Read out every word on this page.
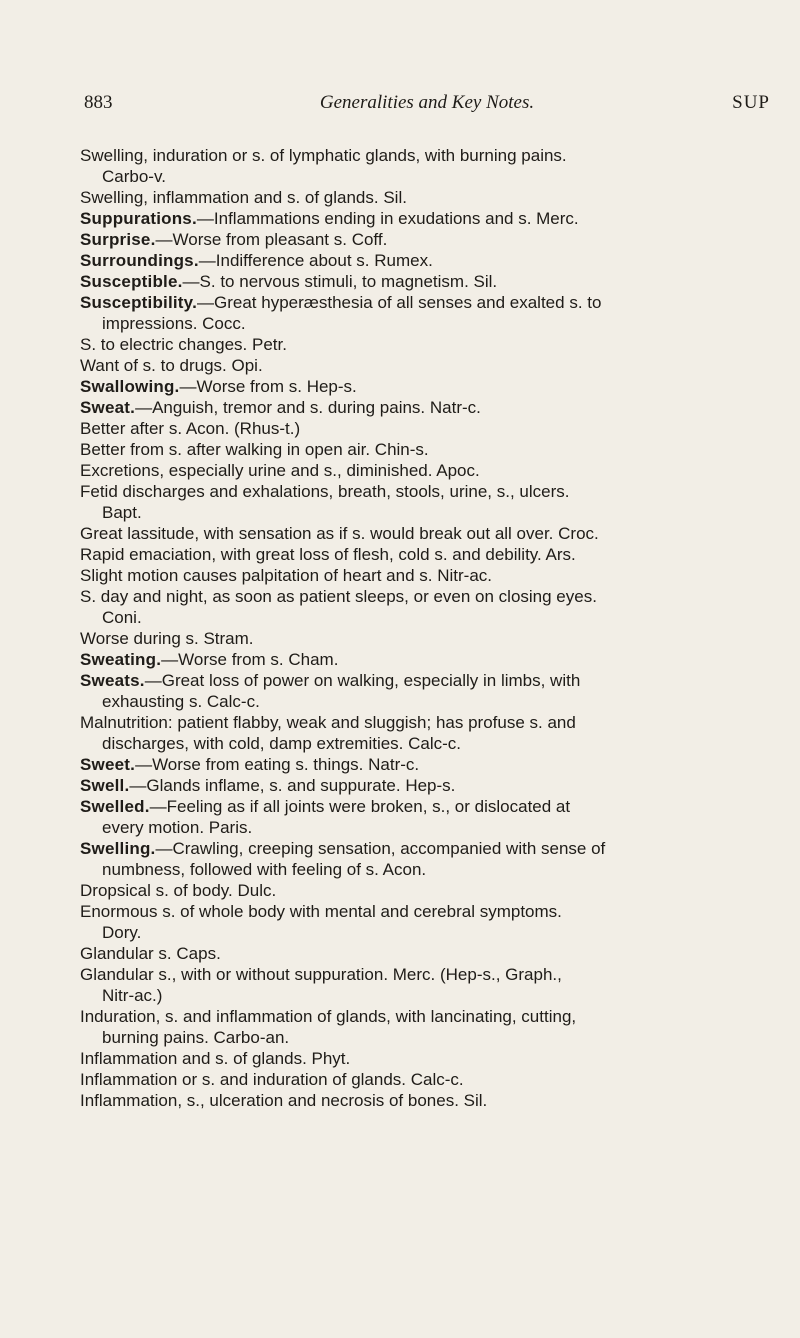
883	Generalities and Key Notes.	SUP
Swelling, induration or s. of lymphatic glands, with burning pains.
Carbo-v.
Swelling, inflammation and s. of glands. Sil.
Suppurations.—Inflammations ending in exudations and s. Merc.
Surprise.—Worse from pleasant s. Coff.
Surroundings.—Indifference about s. Rumex.
Susceptible.—S. to nervous stimuli, to magnetism. Sil.
Susceptibility.—Great hyperæsthesia of all senses and exalted s. to
impressions. Cocc.
S. to electric changes. Petr.
Want of s. to drugs. Opi.
Swallowing.—Worse from s. Hep-s.
Sweat.—Anguish, tremor and s. during pains. Natr-c.
Better after s. Acon. (Rhus-t.)
Better from s. after walking in open air. Chin-s.
Excretions, especially urine and s., diminished. Apoc.
Fetid discharges and exhalations, breath, stools, urine, s., ulcers.
Bapt.
Great lassitude, with sensation as if s. would break out all over. Croc.
Rapid emaciation, with great loss of flesh, cold s. and debility. Ars.
Slight motion causes palpitation of heart and s. Nitr-ac.
S. day and night, as soon as patient sleeps, or even on closing eyes.
Coni.
Worse during s. Stram.
Sweating.—Worse from s. Cham.
Sweats.—Great loss of power on walking, especially in limbs, with
exhausting s. Calc-c.
Malnutrition: patient flabby, weak and sluggish; has profuse s. and
discharges, with cold, damp extremities. Calc-c.
Sweet.—Worse from eating s. things. Natr-c.
Swell.—Glands inflame, s. and suppurate. Hep-s.
Swelled.—Feeling as if all joints were broken, s., or dislocated at
every motion. Paris.
Swelling.—Crawling, creeping sensation, accompanied with sense of
numbness, followed with feeling of s. Acon.
Dropsical s. of body. Dulc.
Enormous s. of whole body with mental and cerebral symptoms.
Dory.
Glandular s. Caps.
Glandular s., with or without suppuration. Merc. (Hep-s., Graph.,
Nitr-ac.)
Induration, s. and inflammation of glands, with lancinating, cutting,
burning pains. Carbo-an.
Inflammation and s. of glands. Phyt.
Inflammation or s. and induration of glands. Calc-c.
Inflammation, s., ulceration and necrosis of bones. Sil.
